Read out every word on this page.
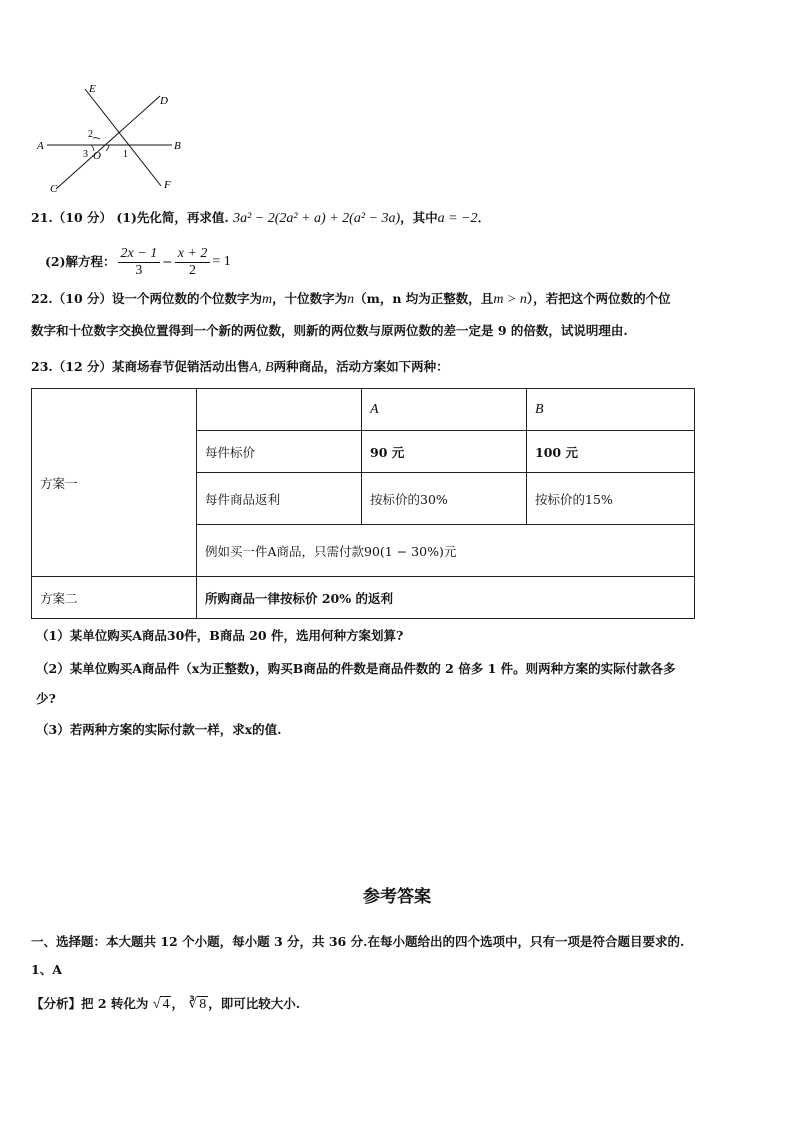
E
D
A	B
C	F
O 1
2
3
21.（10 分） (1)先化简，再求值. 3a² − 2(2a² + a) + 2(a² − 3a)，其中a = −2．
(2)解方程： $\frac{2x - 1}{3} - \frac{x + 2}{2} = 1$
22.（10 分）设一个两位数的个位数字为m，十位数字为n（m，n 均为正整数，且m > n），若把这个两位数的个位
数字和十位数字交换位置得到一个新的两位数，则新的两位数与原两位数的差一定是 9 的倍数，试说明理由.
23.（12 分）某商场春节促销活动出售A, B两种商品，活动方案如下两种：
方案一		A	B
	每件标价	90 元	100 元
	每件商品返利	按标价的30%	按标价的15%
	例如买一件A商品，只需付款90(1 − 30%)元		
方案二	所购商品一律按标价 20% 的返利		
（1）某单位购买A商品30件，B商品 20 件，选用何种方案划算?
（2）某单位购买A商品件（x为正整数)，购买B商品的件数是商品件数的 2 倍多 1 件。则两种方案的实际付款各多
少?
（3）若两种方案的实际付款一样，求x的值.
参考答案
一、选择题：本大题共 12 个小题，每小题 3 分，共 36 分.在每小题给出的四个选项中，只有一项是符合题目要求的.
1、A
【分析】把 2 转化为 √ 4 ， ∛ 8 ，即可比较大小.
